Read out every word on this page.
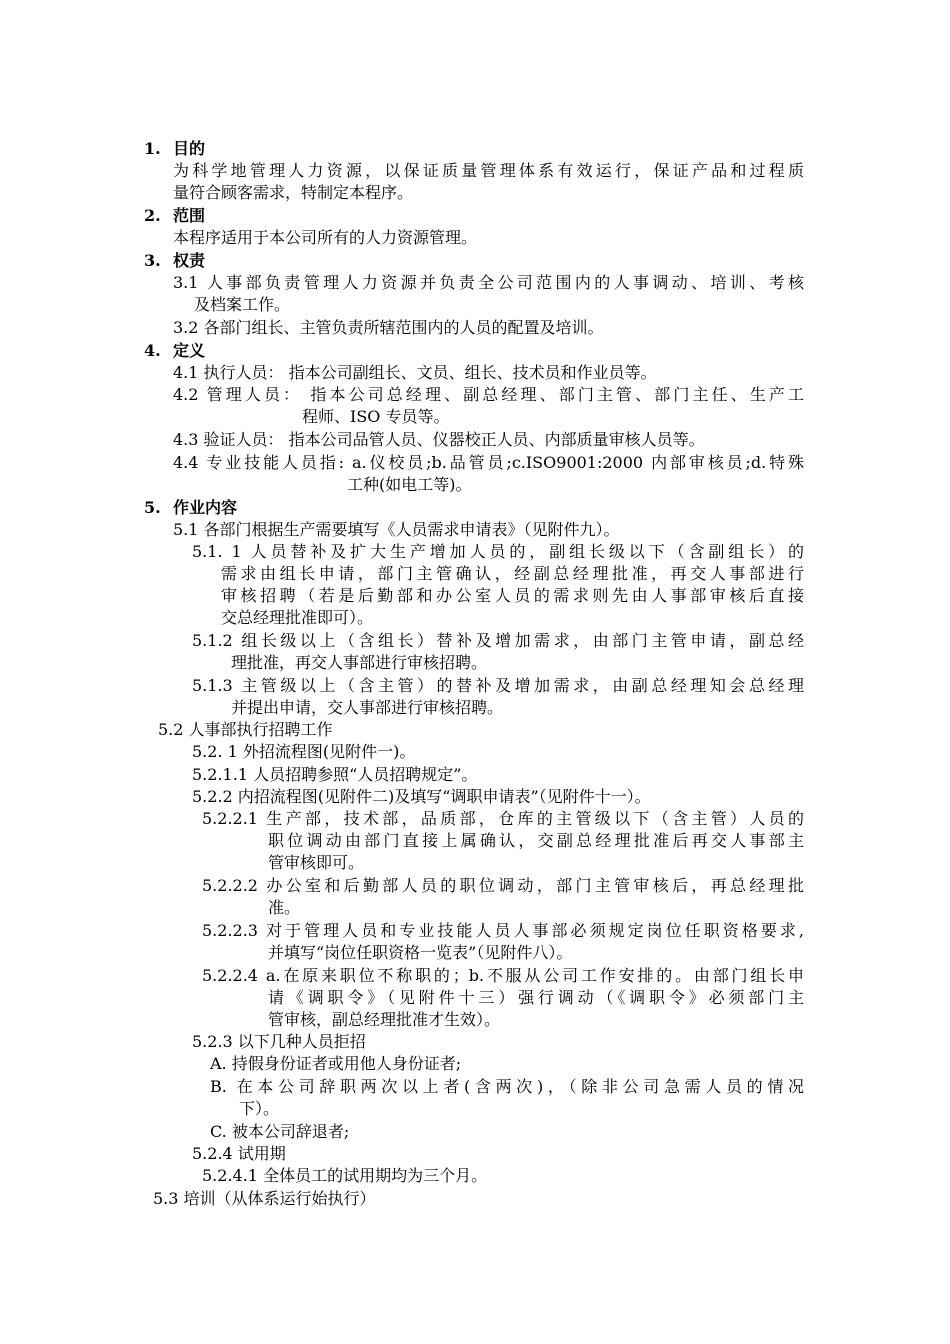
1. 目的
为科学地管理人力资源，以保证质量管理体系有效运行，保证产品和过程质
量符合顾客需求，特制定本程序。
2. 范围
本程序适用于本公司所有的人力资源管理。
3. 权责
3.1 人事部负责管理人力资源并负责全公司范围内的人事调动、培训、考核
及档案工作。
3.2 各部门组长、主管负责所辖范围内的人员的配置及培训。
4. 定义
4.1 执行人员： 指本公司副组长、文员、组长、技术员和作业员等。
4.2 管理人员： 指本公司总经理、副总经理、部门主管、部门主任、生产工
程师、ISO 专员等。
4.3 验证人员： 指本公司品管人员、仪器校正人员、内部质量审核人员等。
4.4 专业技能人员指: a.仪校员;b.品管员;c.ISO9001:2000 内部审核员;d.特殊
工种(如电工等)。
5. 作业内容
5.1 各部门根据生产需要填写《人员需求申请表》（见附件九）。
5.1. 1 人员替补及扩大生产增加人员的，副组长级以下（含副组长）的
需求由组长申请，部门主管确认，经副总经理批准，再交人事部进行
审核招聘（若是后勤部和办公室人员的需求则先由人事部审核后直接
交总经理批准即可）。
5.1.2 组长级以上（含组长）替补及增加需求，由部门主管申请，副总经
理批准，再交人事部进行审核招聘。
5.1.3 主管级以上（含主管）的替补及增加需求，由副总经理知会总经理
并提出申请，交人事部进行审核招聘。
5.2 人事部执行招聘工作
5.2. 1 外招流程图(见附件一)。
5.2.1.1 人员招聘参照“人员招聘规定”。
5.2.2 内招流程图(见附件二)及填写“调职申请表”（见附件十一）。
5.2.2.1 生产部，技术部，品质部，仓库的主管级以下（含主管）人员的
职位调动由部门直接上属确认，交副总经理批准后再交人事部主
管审核即可。
5.2.2.2 办公室和后勤部人员的职位调动，部门主管审核后，再总经理批
准。
5.2.2.3 对于管理人员和专业技能人员人事部必须规定岗位任职资格要求,
并填写“岗位任职资格一览表”（见附件八）。
5.2.2.4 a.在原来职位不称职的；b.不服从公司工作安排的。由部门组长申
请《调职令》（见附件十三）强行调动（《调职令》必须部门主
管审核，副总经理批准才生效）。
5.2.3 以下几种人员拒招
A. 持假身份证者或用他人身份证者;
B. 在本公司辞职两次以上者(含两次)，（除非公司急需人员的情况
下）。
C. 被本公司辞退者;
5.2.4 试用期
5.2.4.1 全体员工的试用期均为三个月。
5.3 培训（从体系运行始执行）
